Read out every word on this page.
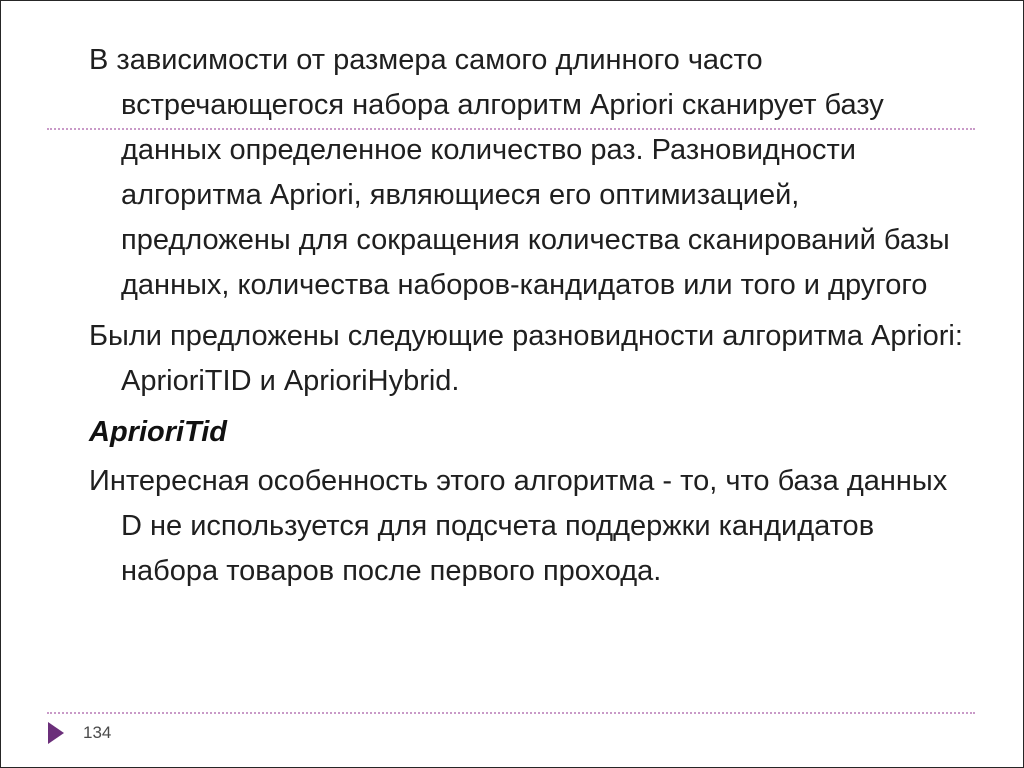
В зависимости от размера самого длинного часто встречающегося набора алгоритм Apriori сканирует базу данных определенное количество раз. Разновидности алгоритма Apriori, являющиеся его оптимизацией, предложены для сокращения количества сканирований базы данных, количества наборов-кандидатов или того и другого

Были предложены следующие разновидности алгоритма Apriori: AprioriTID и AprioriHybrid.

AprioriTid

Интересная особенность этого алгоритма - то, что база данных D не используется для подсчета поддержки кандидатов набора товаров после первого прохода.

134
